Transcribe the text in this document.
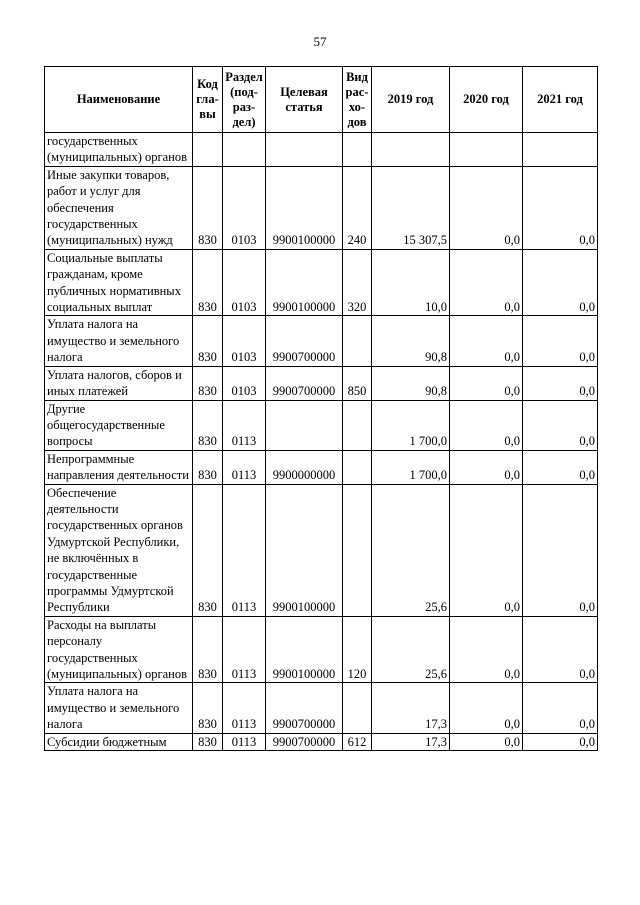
57
Наименование	Код гла-вы	Раздел (под-раз-дел)	Целевая статья	Вид рас-хо-дов	2019 год	2020 год	2021 год
государственных (муниципальных) органов							
Иные закупки товаров, работ и услуг для обеспечения государственных (муниципальных) нужд	830	0103	9900100000	240	15 307,5	0,0	0,0
Социальные выплаты гражданам, кроме публичных нормативных социальных выплат	830	0103	9900100000	320	10,0	0,0	0,0
Уплата налога на имущество и земельного налога	830	0103	9900700000		90,8	0,0	0,0
Уплата налогов, сборов и иных платежей	830	0103	9900700000	850	90,8	0,0	0,0
Другие общегосударственные вопросы	830	0113			1 700,0	0,0	0,0
Непрограммные направления деятельности	830	0113	9900000000		1 700,0	0,0	0,0
Обеспечение деятельности государственных органов Удмуртской Республики, не включённых в государственные программы Удмуртской Республики	830	0113	9900100000		25,6	0,0	0,0
Расходы на выплаты персоналу государственных (муниципальных) органов	830	0113	9900100000	120	25,6	0,0	0,0
Уплата налога на имущество и земельного налога	830	0113	9900700000		17,3	0,0	0,0
Субсидии бюджетным	830	0113	9900700000	612	17,3	0,0	0,0
